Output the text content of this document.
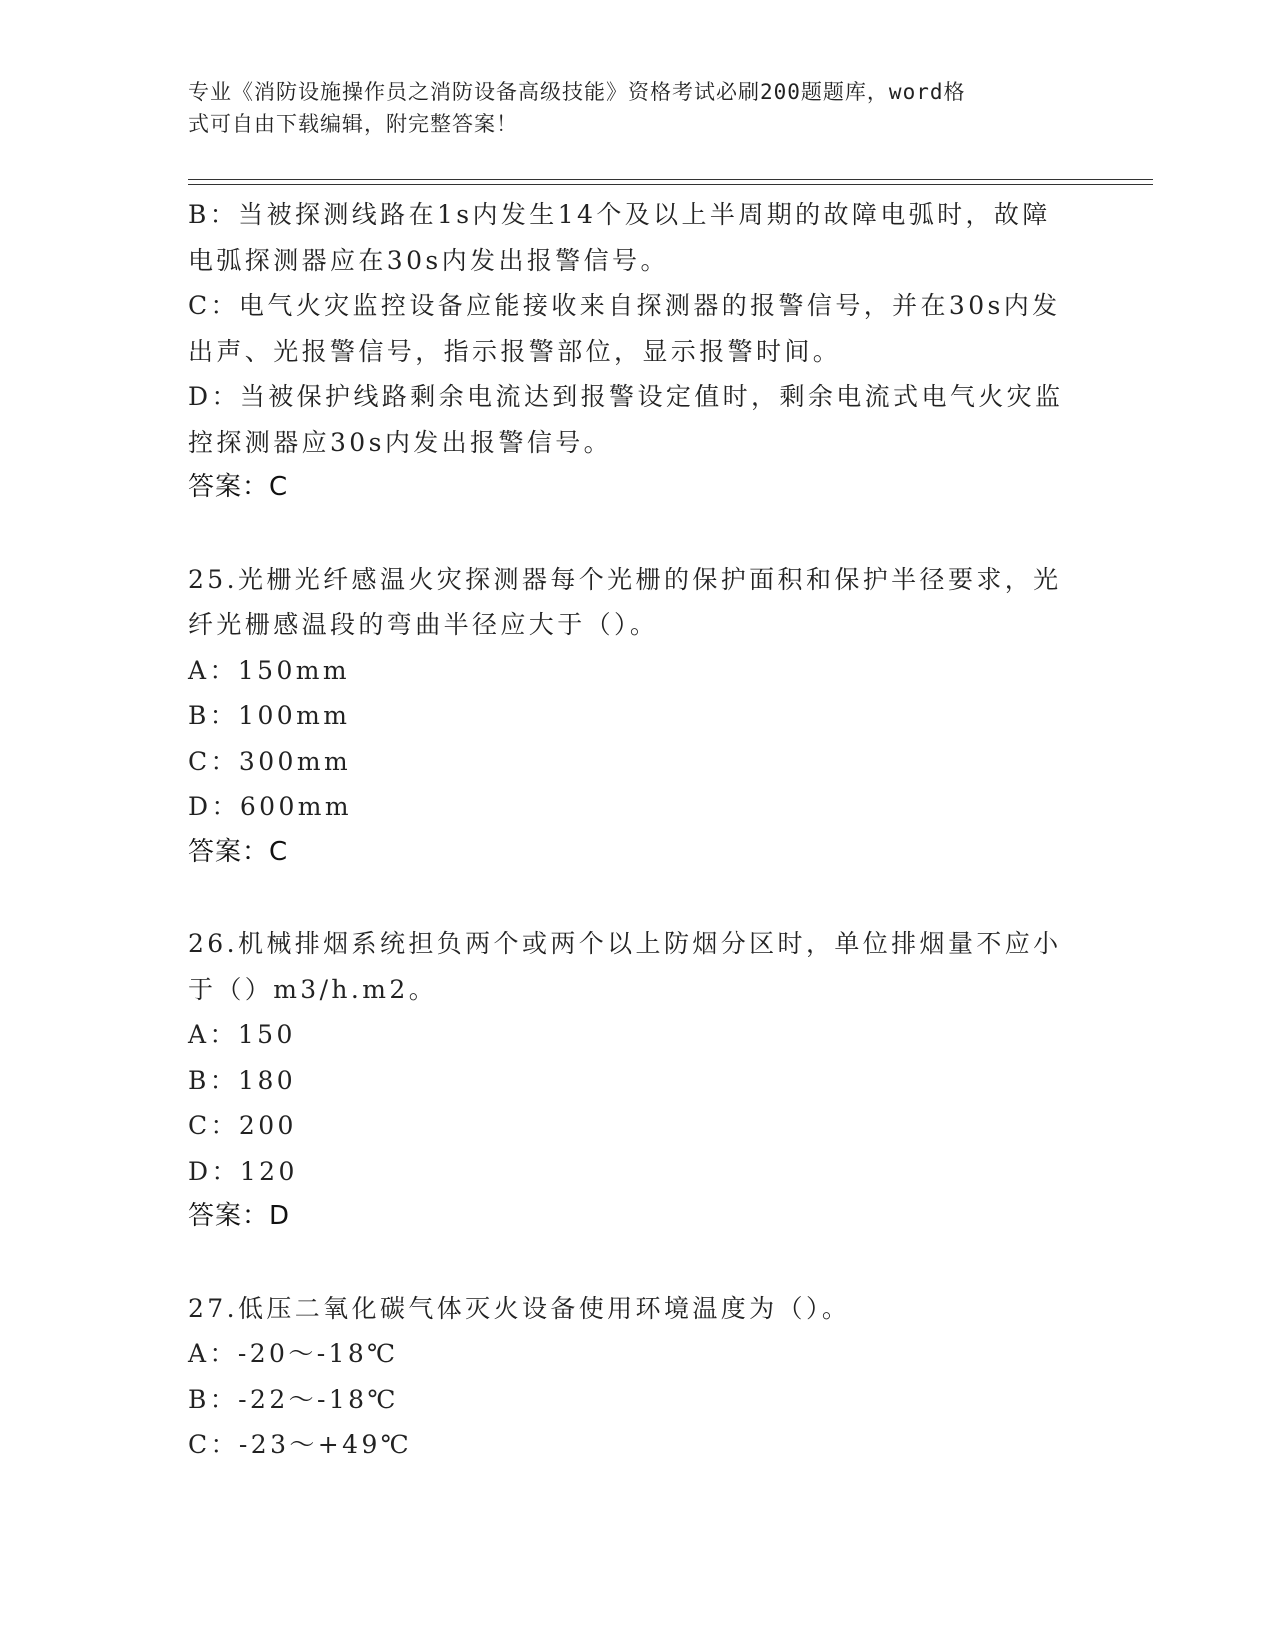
专业《消防设施操作员之消防设备高级技能》资格考试必刷200题题库，word格
式可自由下载编辑，附完整答案！
B：当被探测线路在1s内发生14个及以上半周期的故障电弧时，故障
电弧探测器应在30s内发出报警信号。
C：电气火灾监控设备应能接收来自探测器的报警信号，并在30s内发
出声、光报警信号，指示报警部位，显示报警时间。
D：当被保护线路剩余电流达到报警设定值时，剩余电流式电气火灾监
控探测器应30s内发出报警信号。
答案：C
25.光栅光纤感温火灾探测器每个光栅的保护面积和保护半径要求，光
纤光栅感温段的弯曲半径应大于（）。
A：150mm
B：100mm
C：300mm
D：600mm
答案：C
26.机械排烟系统担负两个或两个以上防烟分区时，单位排烟量不应小
于（）m3/h.m2。
A：150
B：180
C：200
D：120
答案：D
27.低压二氧化碳气体灭火设备使用环境温度为（）。
A：-20～-18℃
B：-22～-18℃
C：-23～+49℃
